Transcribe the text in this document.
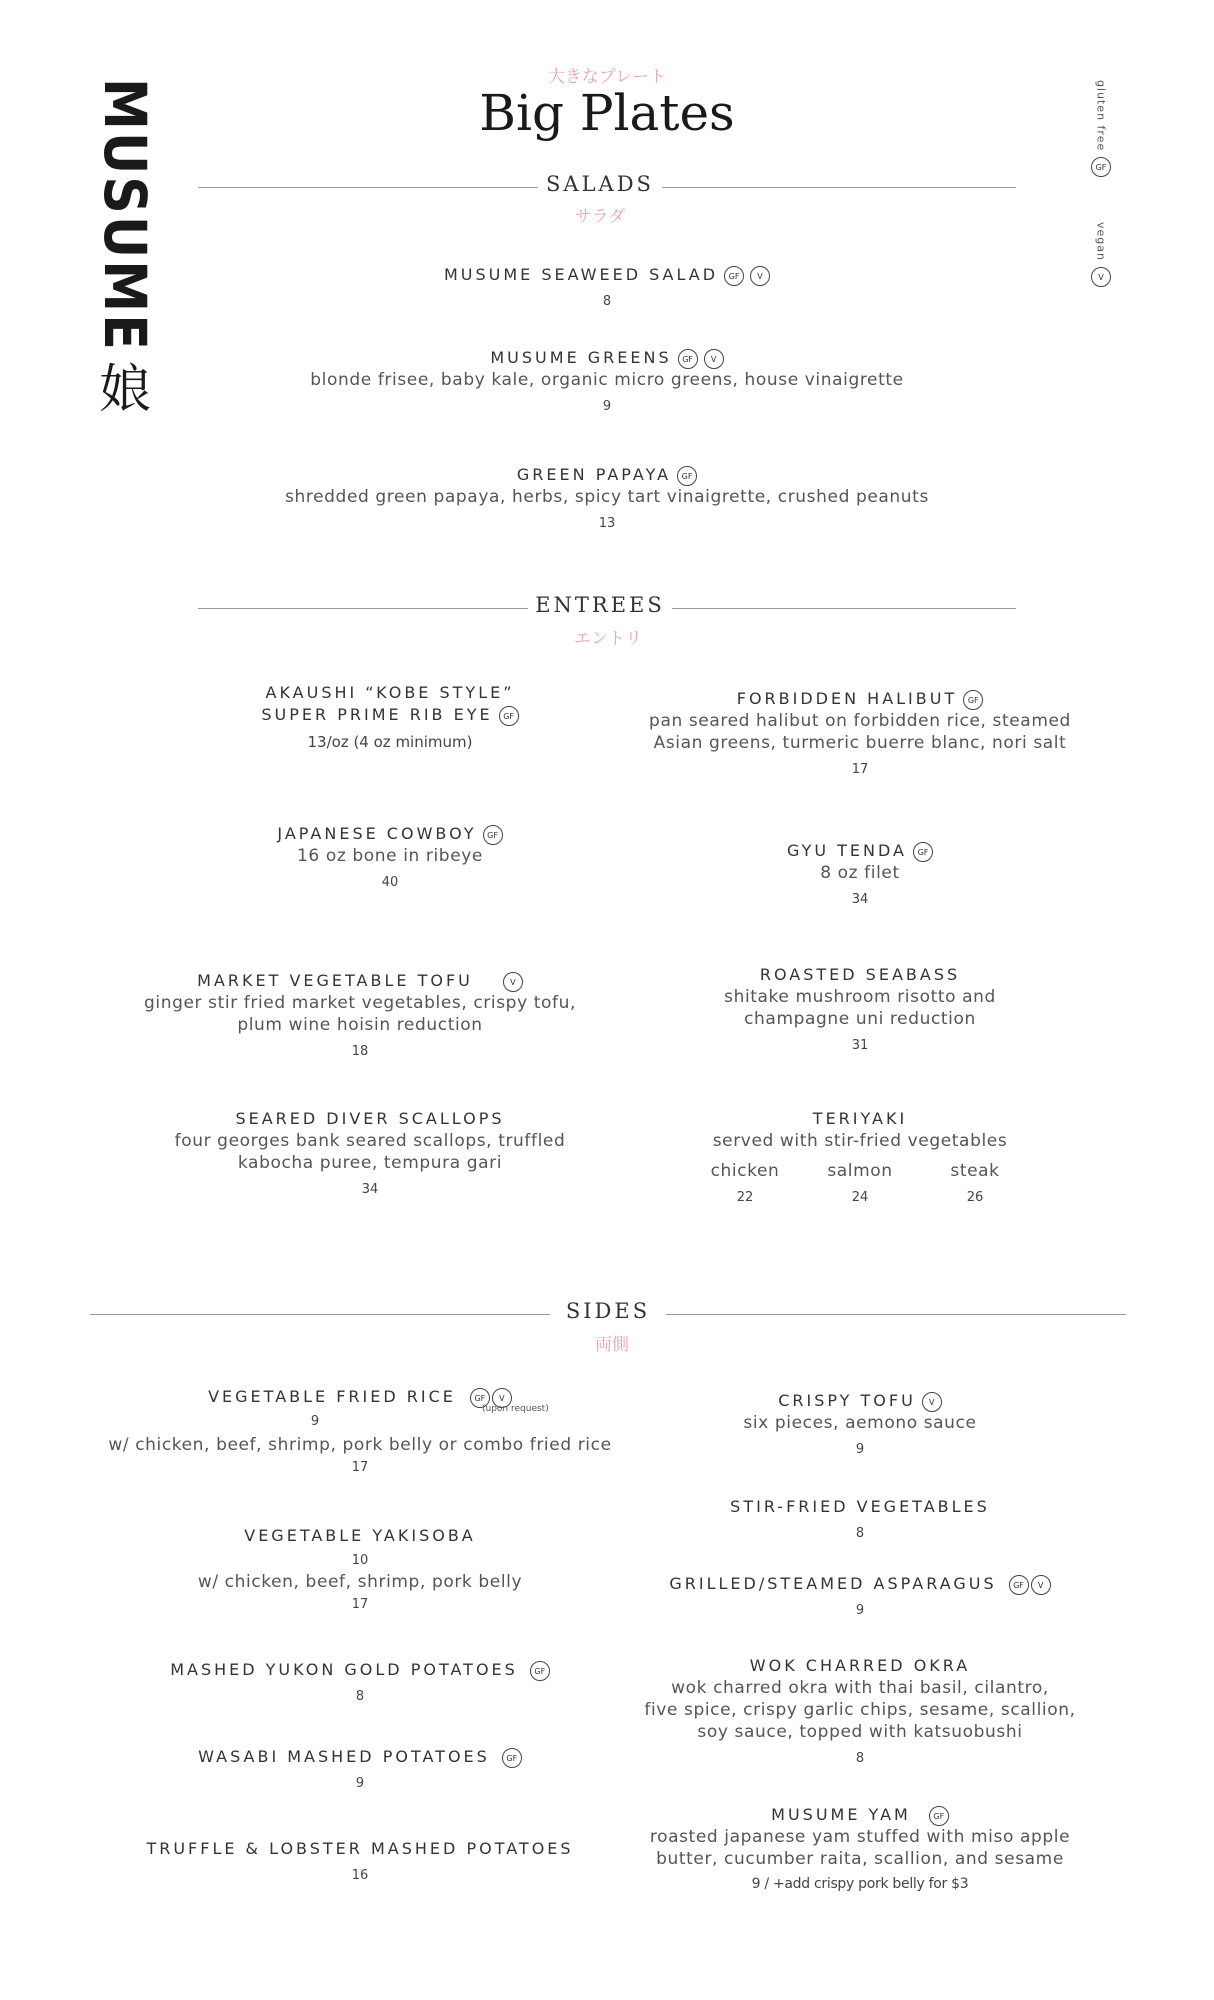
MUSUME
娘
gluten free
GF
vegan
V
大きなプレート
Big Plates
SALADS
サラダ
MUSUME SEAWEED SALAD GF V
8
MUSUME GREENS GF V
blonde frisee, baby kale, organic micro greens, house vinaigrette
9
GREEN PAPAYA GF
shredded green papaya, herbs, spicy tart vinaigrette, crushed peanuts
13
ENTREES
エントリ
AKAUSHI “KOBE STYLE”
SUPER PRIME RIB EYE GF
13/oz (4 oz minimum)
FORBIDDEN HALIBUT GF
pan seared halibut on forbidden rice, steamed
Asian greens, turmeric buerre blanc, nori salt
17
JAPANESE COWBOY GF
16 oz bone in ribeye
40
GYU TENDA GF
8 oz filet
34
MARKET VEGETABLE TOFU	V
ginger stir fried market vegetables, crispy tofu,
plum wine hoisin reduction
18
ROASTED SEABASS
shitake mushroom risotto and
champagne uni reduction
31
SEARED DIVER SCALLOPS
four georges bank seared scallops, truffled
kabocha puree, tempura gari
34
TERIYAKI
served with stir-fried vegetables
chicken
22
salmon
24
steak
26
SIDES
両側
VEGETABLE FRIED RICE GF V
(upon request)
9
w/ chicken, beef, shrimp, pork belly or combo fried rice
17
VEGETABLE YAKISOBA
10
w/ chicken, beef, shrimp, pork belly
17
MASHED YUKON GOLD POTATOES GF
8
WASABI MASHED POTATOES GF
9
TRUFFLE & LOBSTER MASHED POTATOES
16
CRISPY TOFU V
six pieces, aemono sauce
9
STIR-FRIED VEGETABLES
8
GRILLED/STEAMED ASPARAGUS GF V
9
WOK CHARRED OKRA
wok charred okra with thai basil, cilantro,
five spice, crispy garlic chips, sesame, scallion,
soy sauce, topped with katsuobushi
8
MUSUME YAM	GF
roasted japanese yam stuffed with miso apple
butter, cucumber raita, scallion, and sesame
9 / +add crispy pork belly for $3
